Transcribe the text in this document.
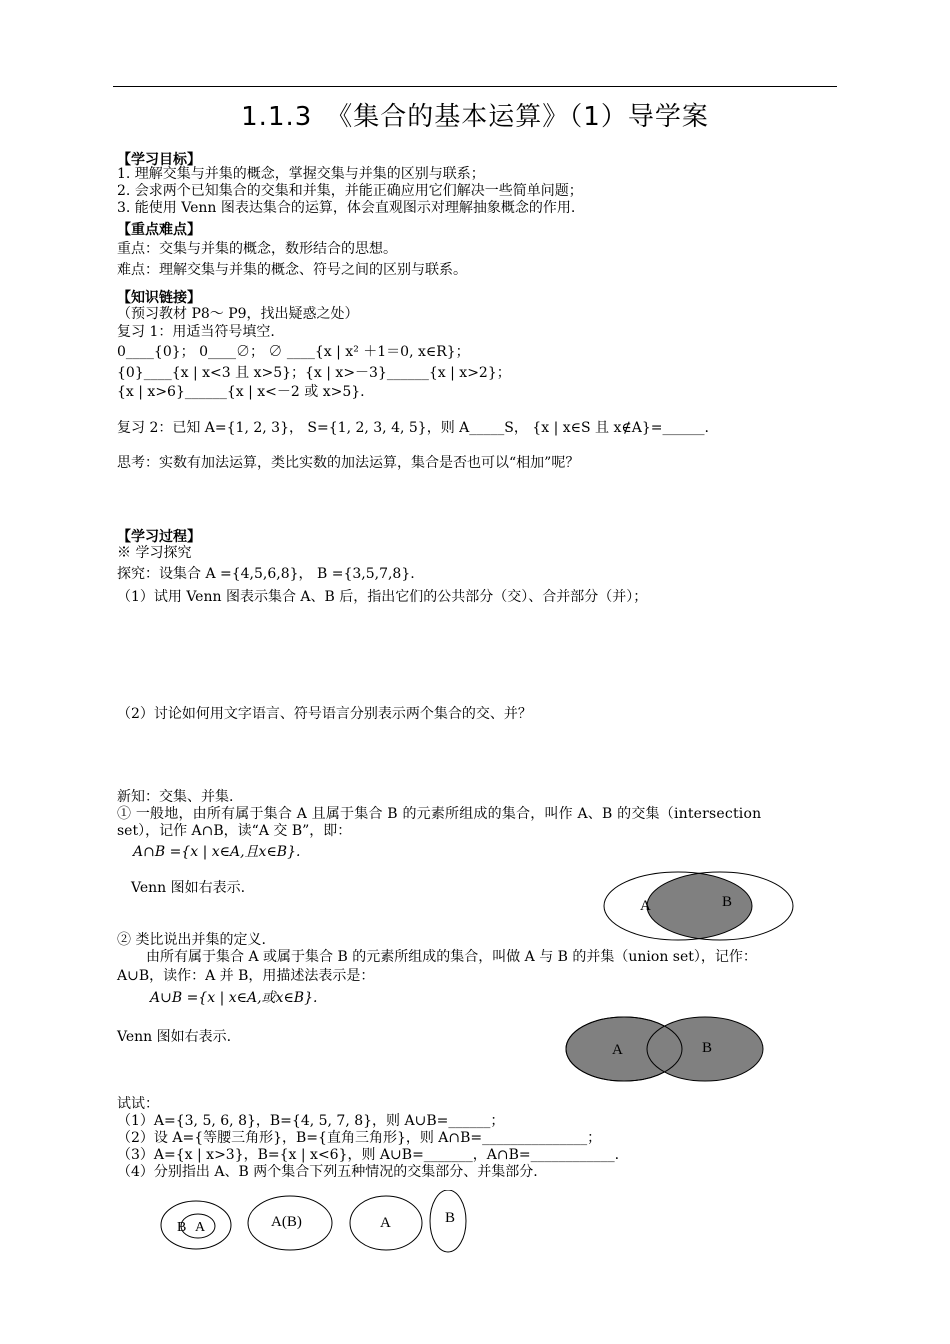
1.1.3　《集合的基本运算》（1）导学案
【学习目标】
1. 理解交集与并集的概念，掌握交集与并集的区别与联系；
2. 会求两个已知集合的交集和并集，并能正确应用它们解决一些简单问题；
3. 能使用 Venn 图表达集合的运算，体会直观图示对理解抽象概念的作用.
【重点难点】
重点：交集与并集的概念，数形结合的思想。
难点：理解交集与并集的概念、符号之间的区别与联系。
【知识链接】
（预习教材 P8～ P9，找出疑惑之处）
复习 1：用适当符号填空.
0____{0}； 0____∅； ∅ ____{x | x² ＋1＝0, x∈R}；
{0}____{x | x<3 且 x>5}；{x | x>－3}______{x | x>2}；
{x | x>6}______{x | x<－2 或 x>5}.
复习 2：已知 A={1, 2, 3}， S={1, 2, 3, 4, 5}，则 A_____S， {x | x∈S 且 x∉A}=______.
思考：实数有加法运算，类比实数的加法运算，集合是否也可以“相加”呢？
【学习过程】
※ 学习探究
探究：设集合 A ={4,5,6,8}， B ={3,5,7,8}.
（1）试用 Venn 图表示集合 A、B 后，指出它们的公共部分（交）、合并部分（并）；
（2）讨论如何用文字语言、符号语言分别表示两个集合的交、并？
新知：交集、并集.
① 一般地，由所有属于集合 A 且属于集合 B 的元素所组成的集合，叫作 A、B 的交集（intersection
set），记作 A∩B，读“A 交 B”，即：
A∩B ={x | x∈A,且x∈B}.
Venn 图如右表示.
A	B
② 类比说出并集的定义.
由所有属于集合 A 或属于集合 B 的元素所组成的集合，叫做 A 与 B 的并集（union set），记作：
A∪B，读作：A 并 B，用描述法表示是：
A∪B ={x | x∈A,或x∈B}.
Venn 图如右表示.
A	B
试试：
（1）A={3, 5, 6, 8}，B={4, 5, 7, 8}，则 A∪B=______；
（2）设 A={等腰三角形}，B={直角三角形}，则 A∩B=_______________；
（3）A={x | x>3}，B={x | x<6}，则 A∪B=_______，A∩B=____________.
（4）分别指出 A、B 两个集合下列五种情况的交集部分、并集部分.
B A	A(B)	A	B
